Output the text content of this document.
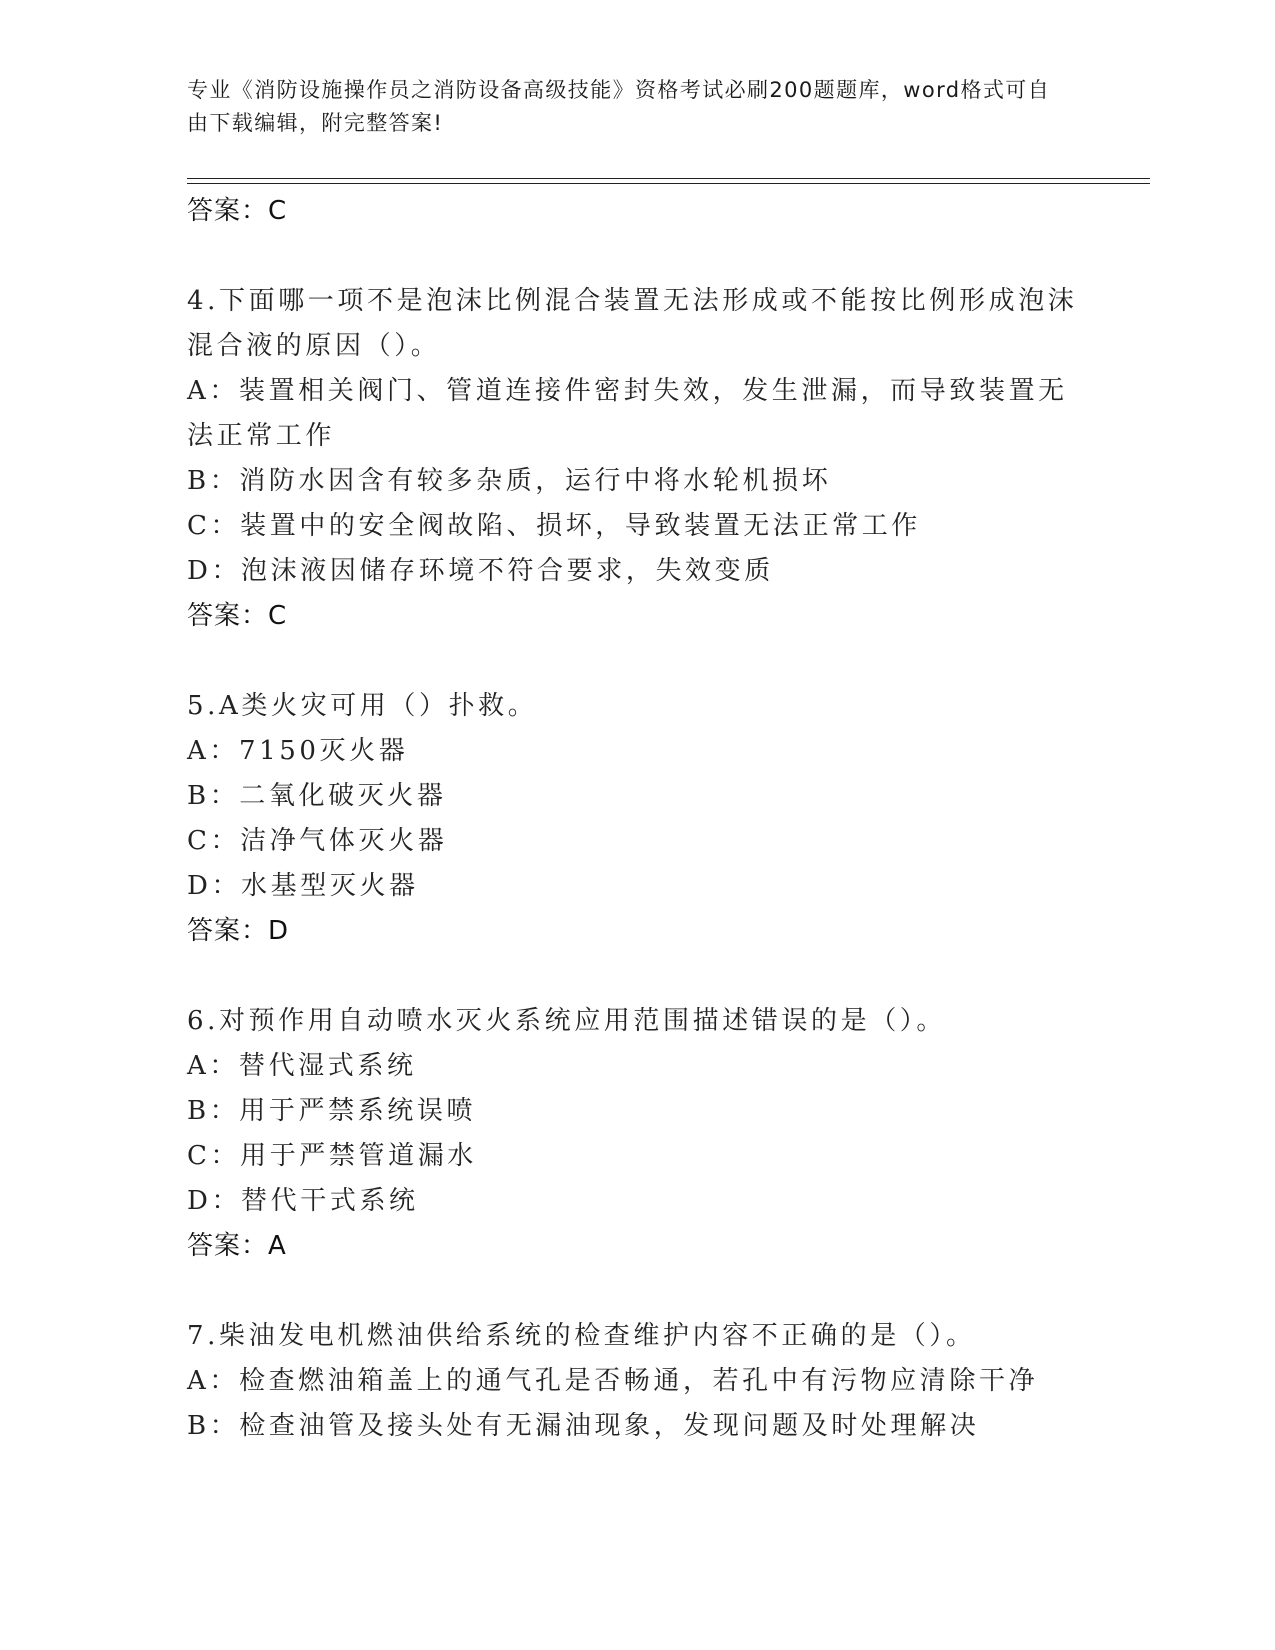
专业《消防设施操作员之消防设备高级技能》资格考试必刷200题题库，word格式可自由下载编辑，附完整答案!
答案：C
4.下面哪一项不是泡沫比例混合装置无法形成或不能按比例形成泡沫混合液的原因（）。
A：装置相关阀门、管道连接件密封失效，发生泄漏，而导致装置无法正常工作
B：消防水因含有较多杂质，运行中将水轮机损坏
C：装置中的安全阀故陷、损坏，导致装置无法正常工作
D：泡沫液因储存环境不符合要求，失效变质
答案：C
5.A类火灾可用（）扑救。
A：7150灭火器
B：二氧化破灭火器
C：洁净气体灭火器
D：水基型灭火器
答案：D
6.对预作用自动喷水灭火系统应用范围描述错误的是（）。
A：替代湿式系统
B：用于严禁系统误喷
C：用于严禁管道漏水
D：替代干式系统
答案：A
7.柴油发电机燃油供给系统的检查维护内容不正确的是（）。
A：检查燃油箱盖上的通气孔是否畅通，若孔中有污物应清除干净
B：检查油管及接头处有无漏油现象，发现问题及时处理解决
